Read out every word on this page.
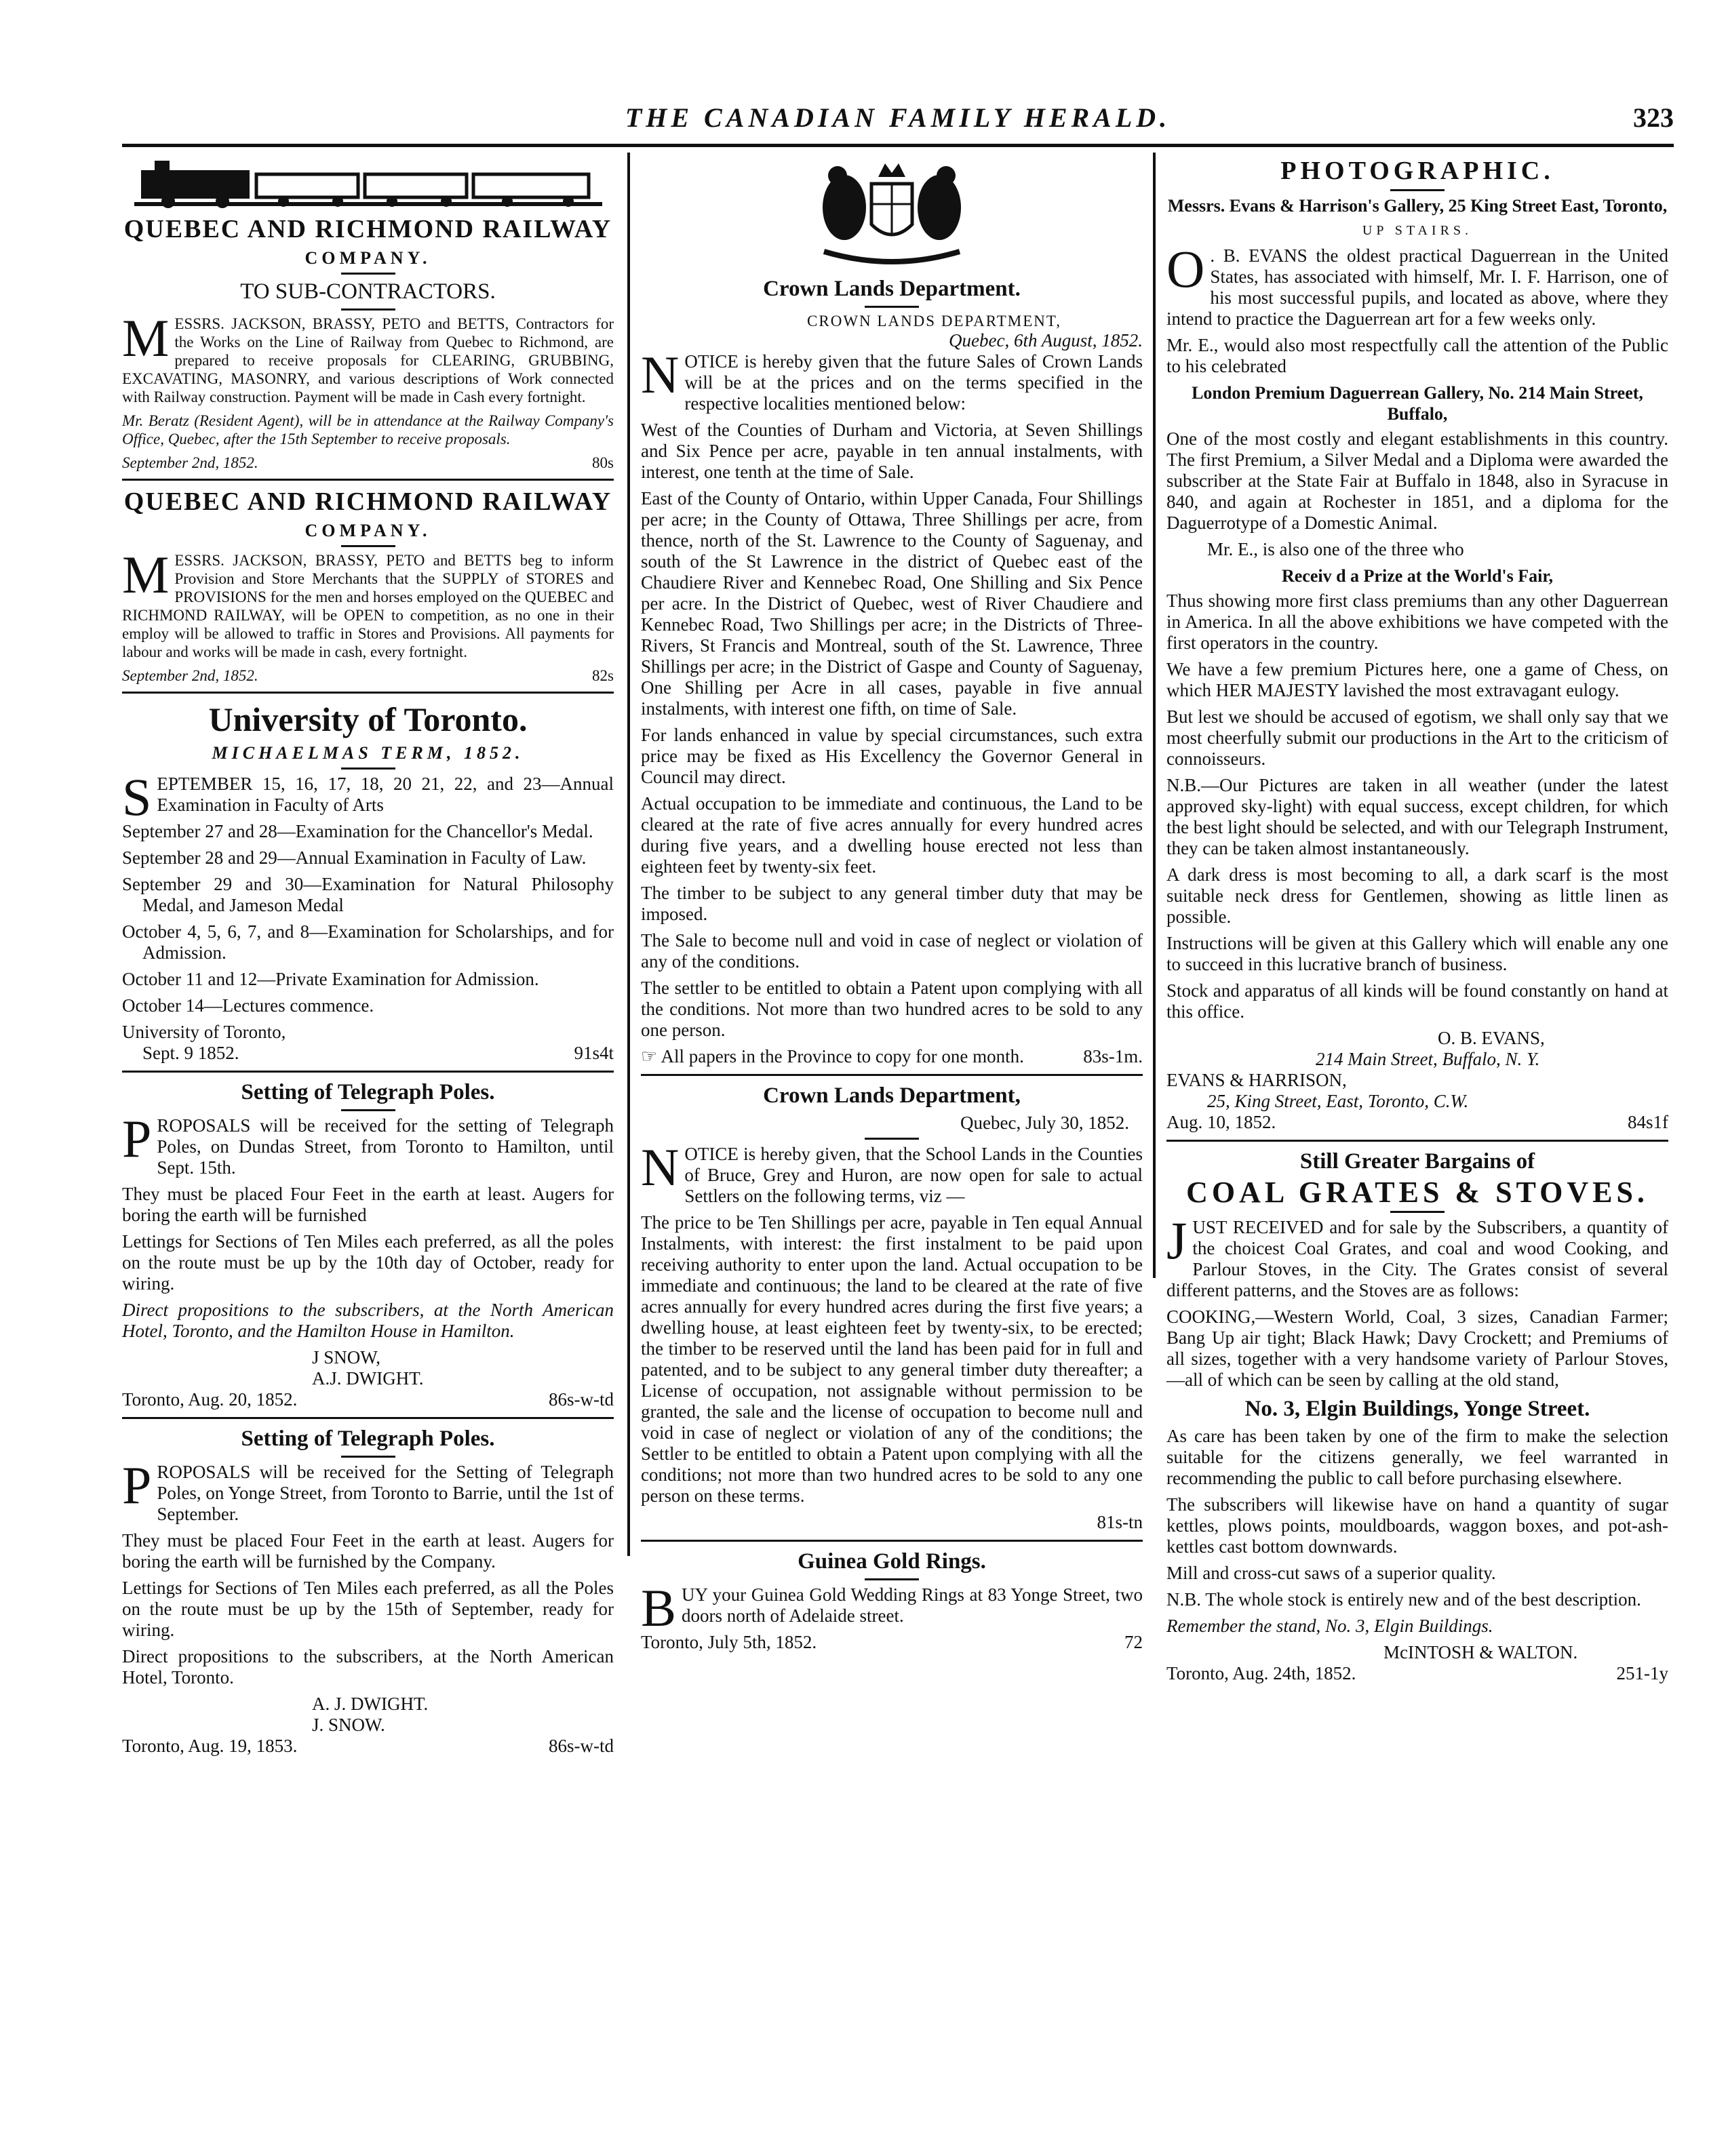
THE CANADIAN FAMILY HERALD.	323
QUEBEC AND RICHMOND RAILWAY
COMPANY.
TO SUB-CONTRACTORS.

MESSRS. JACKSON, BRASSY, PETO and BETTS, Contractors for the Works on the Line of Railway from Quebec to Richmond, are prepared to receive proposals for CLEARING, GRUBBING, EXCAVATING, MASONRY, and various descriptions of Work connected with Railway construction. Payment will be made in Cash every fortnight.

Mr. Beratz (Resident Agent), will be in attendance at the Railway Company's Office, Quebec, after the 15th September to receive proposals.

September 2nd, 1852.	80s
QUEBEC AND RICHMOND RAILWAY
COMPANY.

MESSRS. JACKSON, BRASSY, PETO and BETTS beg to inform Provision and Store Merchants that the SUPPLY of STORES and PROVISIONS for the men and horses employed on the QUEBEC and RICHMOND RAILWAY, will be OPEN to competition, as no one in their employ will be allowed to traffic in Stores and Provisions. All payments for labour and works will be made in cash, every fortnight.

September 2nd, 1852.	82s
University of Toronto.
MICHAELMAS TERM, 1852.

SEPTEMBER 15, 16, 17, 18, 20 21, 22, and 23—Annual Examination in Faculty of Arts

September 27 and 28—Examination for the Chancellor's Medal.

September 28 and 29—Annual Examination in Faculty of Law.

September 29 and 30—Examination for Natural Philosophy Medal, and Jameson Medal

October 4, 5, 6, 7, and 8—Examination for Scholarships, and for Admission.

October 11 and 12—Private Examination for Admission.

October 14—Lectures commence.

University of Toronto,
Sept. 9 1852.	91s4t
Setting of Telegraph Poles.

PROPOSALS will be received for the setting of Telegraph Poles, on Dundas Street, from Toronto to Hamilton, until Sept. 15th.

They must be placed Four Feet in the earth at least. Augers for boring the earth will be furnished

Lettings for Sections of Ten Miles each preferred, as all the poles on the route must be up by the 10th day of October, ready for wiring.

Direct propositions to the subscribers, at the North American Hotel, Toronto, and the Hamilton House in Hamilton.

J SNOW,
A.J. DWIGHT.
Toronto, Aug. 20, 1852.	86s-w-td
Setting of Telegraph Poles.

PROPOSALS will be received for the Setting of Telegraph Poles, on Yonge Street, from Toronto to Barrie, until the 1st of September.

They must be placed Four Feet in the earth at least. Augers for boring the earth will be furnished by the Company.

Lettings for Sections of Ten Miles each preferred, as all the Poles on the route must be up by the 15th of September, ready for wiring.

Direct propositions to the subscribers, at the North American Hotel, Toronto.

A. J. DWIGHT.
J. SNOW.
Toronto, Aug. 19, 1853.	86s-w-td
Crown Lands Department.
CROWN LANDS DEPARTMENT,
Quebec, 6th August, 1852.

NOTICE is hereby given that the future Sales of Crown Lands will be at the prices and on the terms specified in the respective localities mentioned below:

West of the Counties of Durham and Victoria, at Seven Shillings and Six Pence per acre, payable in ten annual instalments, with interest, one tenth at the time of Sale.

East of the County of Ontario, within Upper Canada, Four Shillings per acre; in the County of Ottawa, Three Shillings per acre, from thence, north of the St. Lawrence to the County of Saguenay, and south of the St Lawrence in the district of Quebec east of the Chaudiere River and Kennebec Road, One Shilling and Six Pence per acre. In the District of Quebec, west of River Chaudiere and Kennebec Road, Two Shillings per acre; in the Districts of Three-Rivers, St Francis and Montreal, south of the St. Lawrence, Three Shillings per acre; in the District of Gaspe and County of Saguenay, One Shilling per Acre in all cases, payable in five annual instalments, with interest one fifth, on time of Sale.

For lands enhanced in value by special circumstances, such extra price may be fixed as His Excellency the Governor General in Council may direct.

Actual occupation to be immediate and continuous, the Land to be cleared at the rate of five acres annually for every hundred acres during five years, and a dwelling house erected not less than eighteen feet by twenty-six feet.

The timber to be subject to any general timber duty that may be imposed.

The Sale to become null and void in case of neglect or violation of any of the conditions.

The settler to be entitled to obtain a Patent upon complying with all the conditions. Not more than two hundred acres to be sold to any one person.

☞ All papers in the Province to copy for one month.	83s-1m.
Crown Lands Department,
Quebec, July 30, 1852.

NOTICE is hereby given, that the School Lands in the Counties of Bruce, Grey and Huron, are now open for sale to actual Settlers on the following terms, viz —

The price to be Ten Shillings per acre, payable in Ten equal Annual Instalments, with interest: the first instalment to be paid upon receiving authority to enter upon the land. Actual occupation to be immediate and continuous; the land to be cleared at the rate of five acres annually for every hundred acres during the first five years; a dwelling house, at least eighteen feet by twenty-six, to be erected; the timber to be reserved until the land has been paid for in full and patented, and to be subject to any general timber duty thereafter; a License of occupation, not assignable without permission to be granted, the sale and the license of occupation to become null and void in case of neglect or violation of any of the conditions; the Settler to be entitled to obtain a Patent upon complying with all the conditions; not more than two hundred acres to be sold to any one person on these terms.

81s-tn
Guinea Gold Rings.

BUY your Guinea Gold Wedding Rings at 83 Yonge Street, two doors north of Adelaide street.

Toronto, July 5th, 1852.	72
PHOTOGRAPHIC.
Messrs. Evans & Harrison's Gallery, 25 King Street East, Toronto,
UP STAIRS.

O . B. EVANS the oldest practical Daguerrean in the United States, has associated with himself, Mr. I. F. Harrison, one of his most successful pupils, and located as above, where they intend to practice the Daguerrean art for a few weeks only.

Mr. E., would also most respectfully call the attention of the Public to his celebrated

London Premium Daguerrean Gallery, No. 214 Main Street, Buffalo,

One of the most costly and elegant establishments in this country. The first Premium, a Silver Medal and a Diploma were awarded the subscriber at the State Fair at Buffalo in 1848, also in Syracuse in 840, and again at Rochester in 1851, and a diploma for the Daguerrotype of a Domestic Animal.

Mr. E., is also one of the three who

Receiv d a Prize at the World's Fair,

Thus showing more first class premiums than any other Daguerrean in America. In all the above exhibitions we have competed with the first operators in the country.

We have a few premium Pictures here, one a game of Chess, on which HER MAJESTY lavished the most extravagant eulogy.

But lest we should be accused of egotism, we shall only say that we most cheerfully submit our productions in the Art to the criticism of connoisseurs.

N.B.—Our Pictures are taken in all weather (under the latest approved sky-light) with equal success, except children, for which the best light should be selected, and with our Telegraph Instrument, they can be taken almost instantaneously.

A dark dress is most becoming to all, a dark scarf is the most suitable neck dress for Gentlemen, showing as little linen as possible.

Instructions will be given at this Gallery which will enable any one to succeed in this lucrative branch of business.

Stock and apparatus of all kinds will be found constantly on hand at this office.

O. B. EVANS,
214 Main Street, Buffalo, N. Y.
EVANS & HARRISON,
25, King Street, East, Toronto, C.W.
Aug. 10, 1852.	84s1f
Still Greater Bargains of
COAL GRATES & STOVES.

JUST RECEIVED and for sale by the Subscribers, a quantity of the choicest Coal Grates, and coal and wood Cooking, and Parlour Stoves, in the City. The Grates consist of several different patterns, and the Stoves are as follows:

COOKING,—Western World, Coal, 3 sizes, Canadian Farmer; Bang Up air tight; Black Hawk; Davy Crockett; and Premiums of all sizes, together with a very handsome variety of Parlour Stoves,—all of which can be seen by calling at the old stand,

No. 3, Elgin Buildings, Yonge Street.

As care has been taken by one of the firm to make the selection suitable for the citizens generally, we feel warranted in recommending the public to call before purchasing elsewhere.

The subscribers will likewise have on hand a quantity of sugar kettles, plows points, mouldboards, waggon boxes, and pot-ash-kettles cast bottom downwards.

Mill and cross-cut saws of a superior quality.

N.B. The whole stock is entirely new and of the best description.

Remember the stand, No. 3, Elgin Buildings.

McINTOSH & WALTON.
Toronto, Aug. 24th, 1852.	251-1y
